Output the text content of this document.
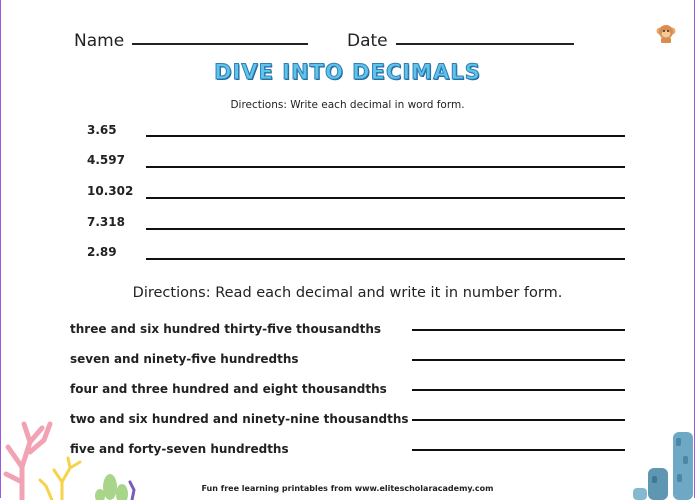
Name	Date
DIVE INTO DECIMALS
Directions: Write each decimal in word form.
3.65
4.597
10.302
7.318
2.89
Directions: Read each decimal and write it in number form.
three and six hundred thirty-five thousandths
seven and ninety-five hundredths
four and three hundred and eight thousandths
two and six hundred and ninety-nine thousandths
five and forty-seven hundredths
Fun free learning printables from www.elitescholaracademy.com
